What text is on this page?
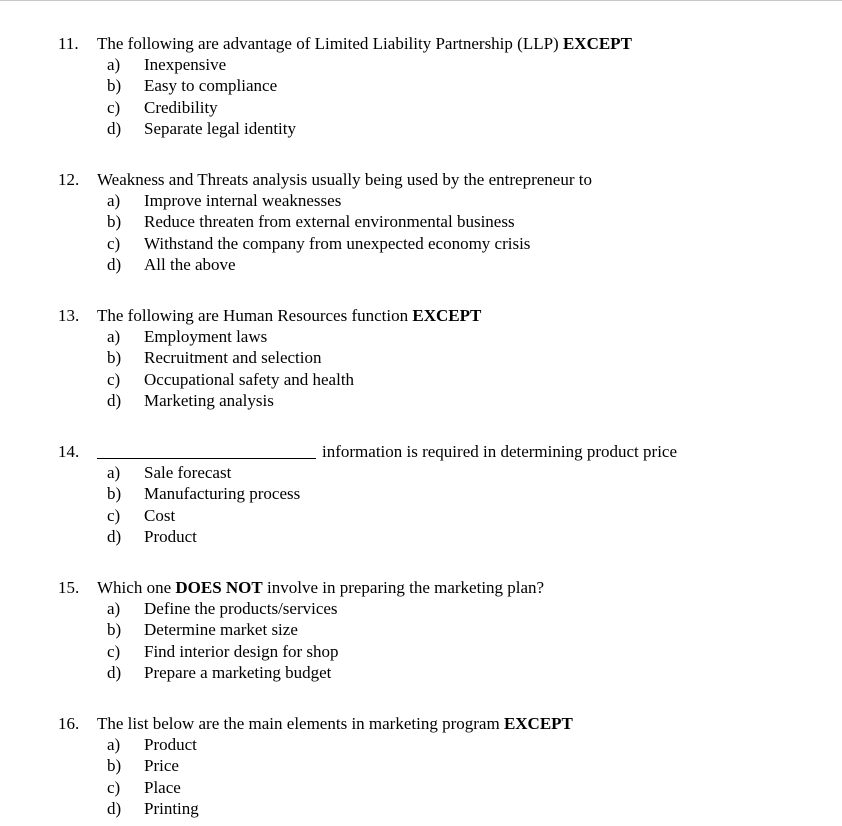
11. The following are advantage of Limited Liability Partnership (LLP) EXCEPT
a) Inexpensive
b) Easy to compliance
c) Credibility
d) Separate legal identity
12. Weakness and Threats analysis usually being used by the entrepreneur to
a) Improve internal weaknesses
b) Reduce threaten from external environmental business
c) Withstand the company from unexpected economy crisis
d) All the above
13. The following are Human Resources function EXCEPT
a) Employment laws
b) Recruitment and selection
c) Occupational safety and health
d) Marketing analysis
14.	information is required in determining product price
a) Sale forecast
b) Manufacturing process
c) Cost
d) Product
15. Which one DOES NOT involve in preparing the marketing plan?
a) Define the products/services
b) Determine market size
c) Find interior design for shop
d) Prepare a marketing budget
16. The list below are the main elements in marketing program EXCEPT
a) Product
b) Price
c) Place
d) Printing
